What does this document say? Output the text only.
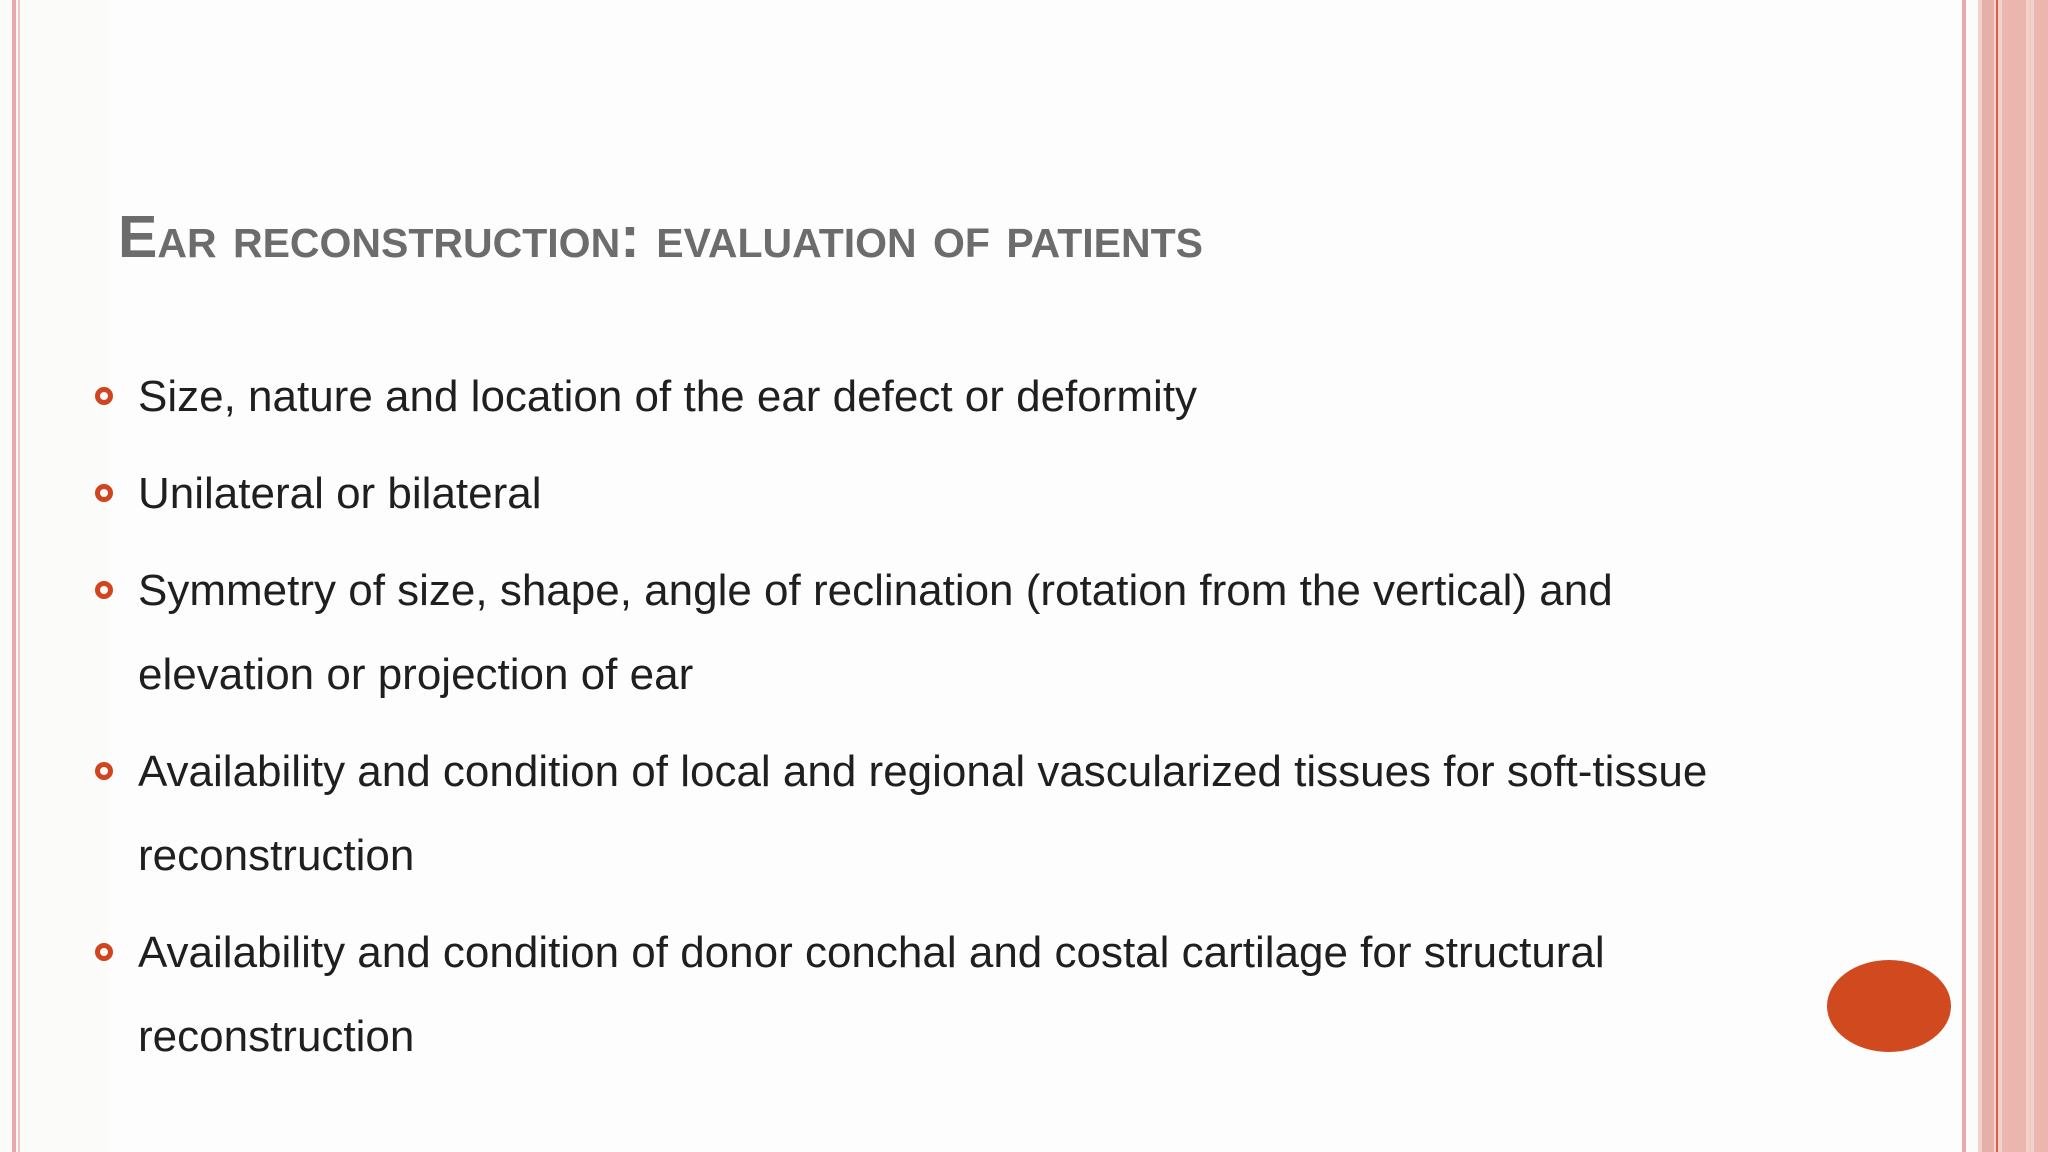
Ear reconstruction: evaluation of patients
Size, nature and location of the ear defect or deformity
Unilateral or bilateral
Symmetry of size, shape, angle of reclination (rotation from the vertical) and elevation or projection of ear
Availability and condition of local and regional vascularized tissues for soft-tissue reconstruction
Availability and condition of donor conchal and costal cartilage for structural reconstruction
